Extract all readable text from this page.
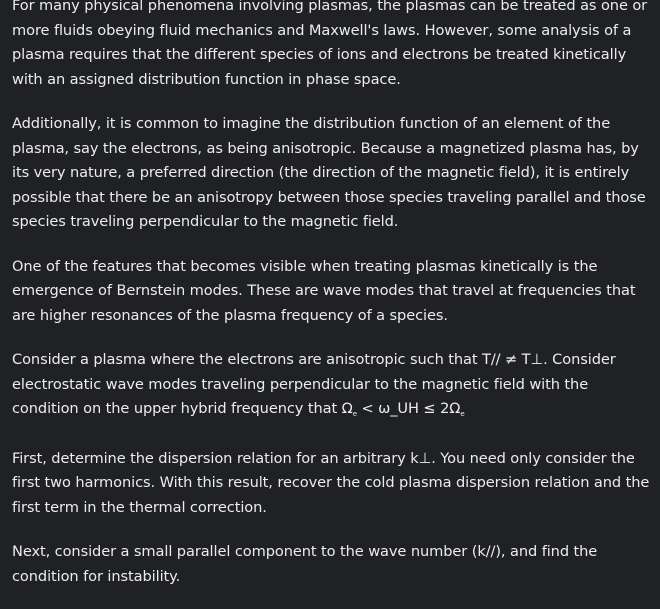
For many physical phenomena involving plasmas, the plasmas can be treated as one or more fluids obeying fluid mechanics and Maxwell's laws. However, some analysis of a plasma requires that the different species of ions and electrons be treated kinetically with an assigned distribution function in phase space.

Additionally, it is common to imagine the distribution function of an element of the plasma, say the electrons, as being anisotropic. Because a magnetized plasma has, by its very nature, a preferred direction (the direction of the magnetic field), it is entirely possible that there be an anisotropy between those species traveling parallel and those species traveling perpendicular to the magnetic field.

One of the features that becomes visible when treating plasmas kinetically is the emergence of Bernstein modes. These are wave modes that travel at frequencies that are higher resonances of the plasma frequency of a species.

Consider a plasma where the electrons are anisotropic such that T// ≠ T⊥. Consider electrostatic wave modes traveling perpendicular to the magnetic field with the condition on the upper hybrid frequency that $\Omega_e$ < ω_UH ≤ $2\Omega_e$

First, determine the dispersion relation for an arbitrary k⊥. You need only consider the first two harmonics. With this result, recover the cold plasma dispersion relation and the first term in the thermal correction.

Next, consider a small parallel component to the wave number (k//), and find the condition for instability.
